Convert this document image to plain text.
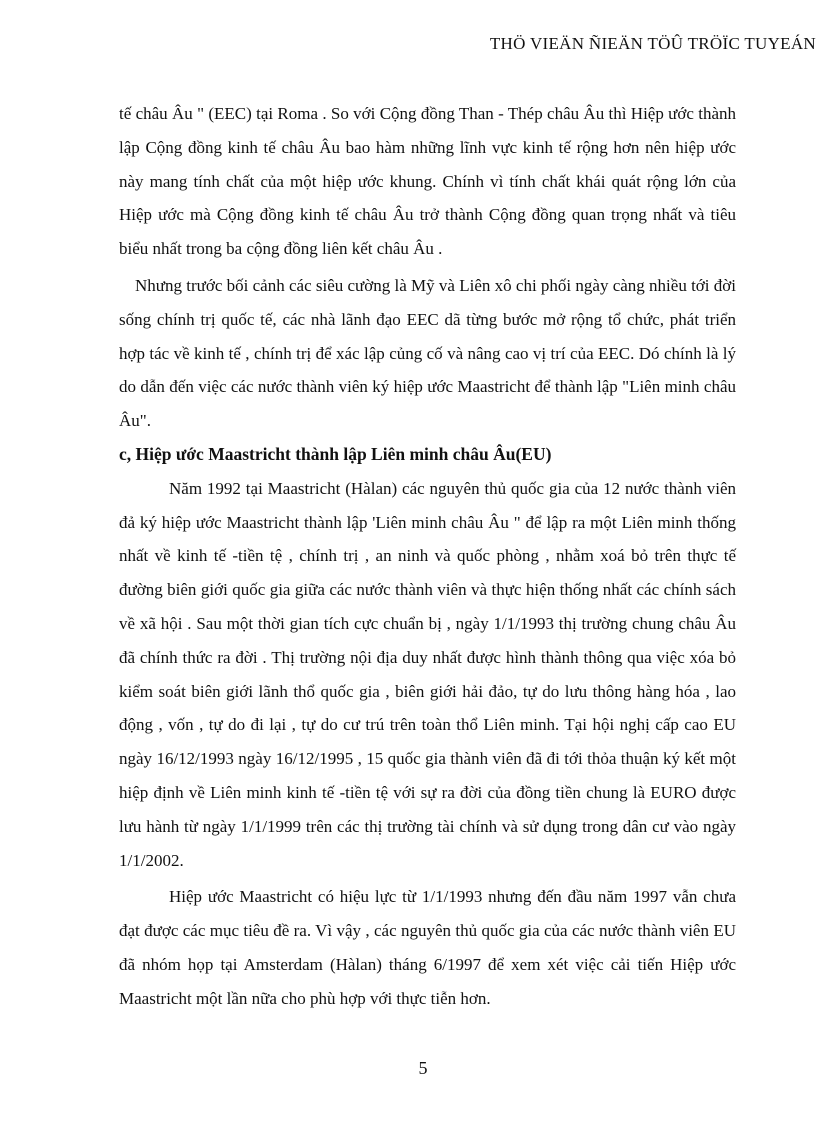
THÖ VIEÄN ÑIEÄN TÖÛ TRÖÏC TUYEÁN

tế châu Âu " (EEC) tại Roma . So với Cộng đồng Than - Thép châu Âu thì Hiệp ước thành lập Cộng đồng kinh tế châu Âu bao hàm những lĩnh vực kinh tế rộng hơn nên hiệp ước này mang tính chất của một hiệp ước khung. Chính vì tính chất khái quát rộng lớn của Hiệp ước mà Cộng đồng kinh tế châu Âu trở thành Cộng đồng quan trọng nhất và tiêu biểu nhất trong ba cộng đồng liên kết châu Âu .

Nhưng trước bối cảnh các siêu cường là Mỹ và Liên xô chi phối ngày càng nhiều tới đời sống chính trị quốc tế, các nhà lãnh đạo EEC dã từng bước mở rộng tổ chức, phát triển hợp tác về kinh tế , chính trị để xác lập củng cố và nâng cao vị trí của EEC. Dó chính là lý do dẫn đến việc các nước thành viên ký hiệp ước Maastricht để thành lập "Liên minh châu Âu".

c, Hiệp ước Maastricht thành lập Liên minh châu Âu(EU)

Năm 1992 tại Maastricht (Hàlan) các nguyên thủ quốc gia của 12 nước thành viên đả ký hiệp ước Maastricht thành lập 'Liên minh châu Âu " để lập ra một Liên minh thống nhất về kinh tế -tiền tệ , chính trị , an ninh và quốc phòng , nhằm xoá bỏ trên thực tế đường biên giới quốc gia giữa các nước thành viên và thực hiện thống nhất các chính sách về xã hội . Sau một thời gian tích cực chuẩn bị , ngày 1/1/1993 thị trường chung châu Âu đã chính thức ra đời . Thị trường nội địa duy nhất được hình thành thông qua việc xóa bỏ kiểm soát biên giới lãnh thổ quốc gia , biên giới hải đảo, tự do lưu thông hàng hóa , lao động , vốn , tự do đi lại , tự do cư trú trên toàn thổ Liên minh. Tại hội nghị cấp cao EU ngày 16/12/1993 ngày 16/12/1995 , 15 quốc gia thành viên đã đi tới thỏa thuận ký kết một hiệp định về Liên minh kinh tế -tiền tệ với sự ra đời của đồng tiền chung là EURO được lưu hành từ ngày 1/1/1999 trên các thị trường tài chính và sử dụng trong dân cư vào ngày 1/1/2002.

Hiệp ước Maastricht có hiệu lực từ 1/1/1993 nhưng đến đầu năm 1997 vẫn chưa đạt được các mục tiêu đề ra. Vì vậy , các nguyên thủ quốc gia của các nước thành viên EU đã nhóm họp tại Amsterdam (Hàlan) tháng 6/1997 để xem xét việc cải tiến Hiệp ước Maastricht một lần nữa cho phù hợp với thực tiễn hơn.

5
